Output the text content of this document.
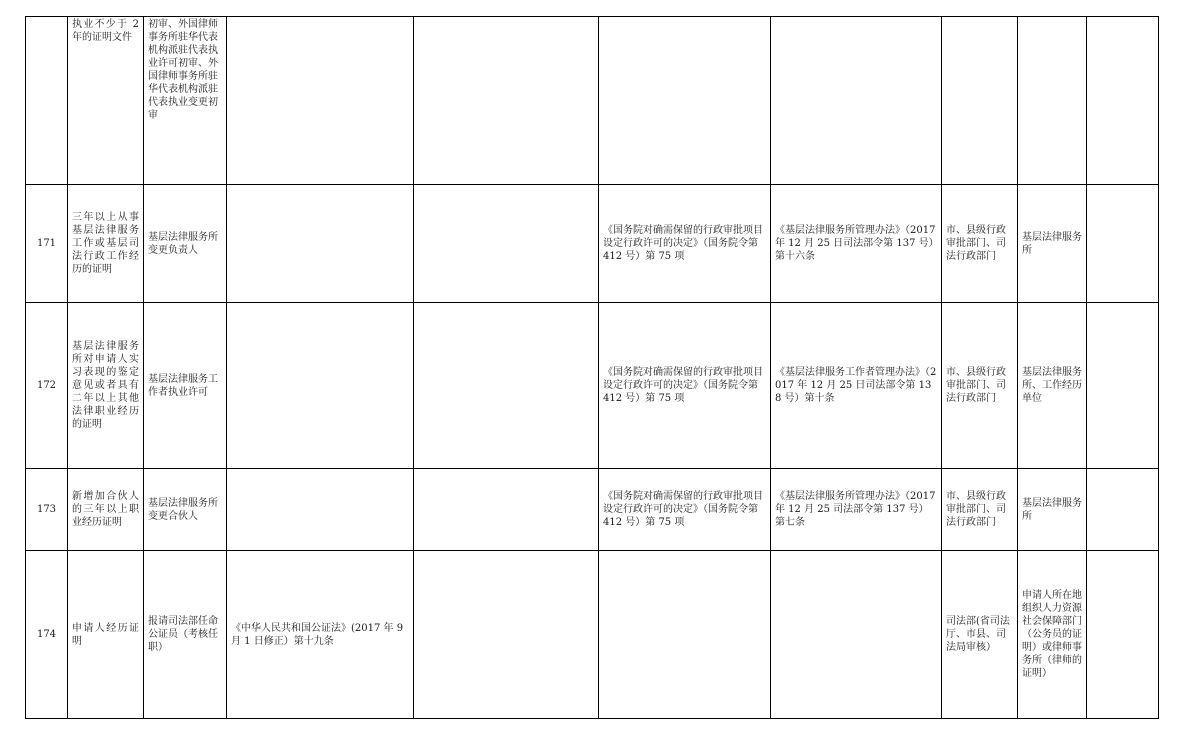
	执业不少于 2 年的证明文件	初审、外国律师事务所驻华代表机构派驻代表执业许可初审、外国律师事务所驻华代表机构派驻代表执业变更初审							
171	三年以上从事基层法律服务工作或基层司法行政工作经历的证明	基层法律服务所变更负责人			《国务院对确需保留的行政审批项目设定行政许可的决定》（国务院令第 412 号）第 75 项	《基层法律服务所管理办法》（2017 年 12 月 25 日司法部令第 137 号）第十六条	市、县级行政审批部门、司法行政部门	基层法律服务所	
172	基层法律服务所对申请人实习表现的鉴定意见或者具有二年以上其他法律职业经历的证明	基层法律服务工作者执业许可			《国务院对确需保留的行政审批项目设定行政许可的决定》（国务院令第 412 号）第 75 项	《基层法律服务工作者管理办法》（2017 年 12 月 25 日司法部令第 138 号）第十条	市、县级行政审批部门、司法行政部门	基层法律服务所、工作经历单位	
173	新增加合伙人的三年以上职业经历证明	基层法律服务所变更合伙人			《国务院对确需保留的行政审批项目设定行政许可的决定》（国务院令第 412 号）第 75 项	《基层法律服务所管理办法》（2017 年 12 月 25 司法部令第 137 号）第七条	市、县级行政审批部门、司法行政部门	基层法律服务所	
174	申请人经历证明	报请司法部任命公证员（考核任职）	《中华人民共和国公证法》(2017 年 9 月 1 日修正）第十九条				司法部(省司法厅、市县、司法局审核）	申请人所在地组织人力资源社会保障部门（公务员的证明）或律师事务所（律师的证明）	
